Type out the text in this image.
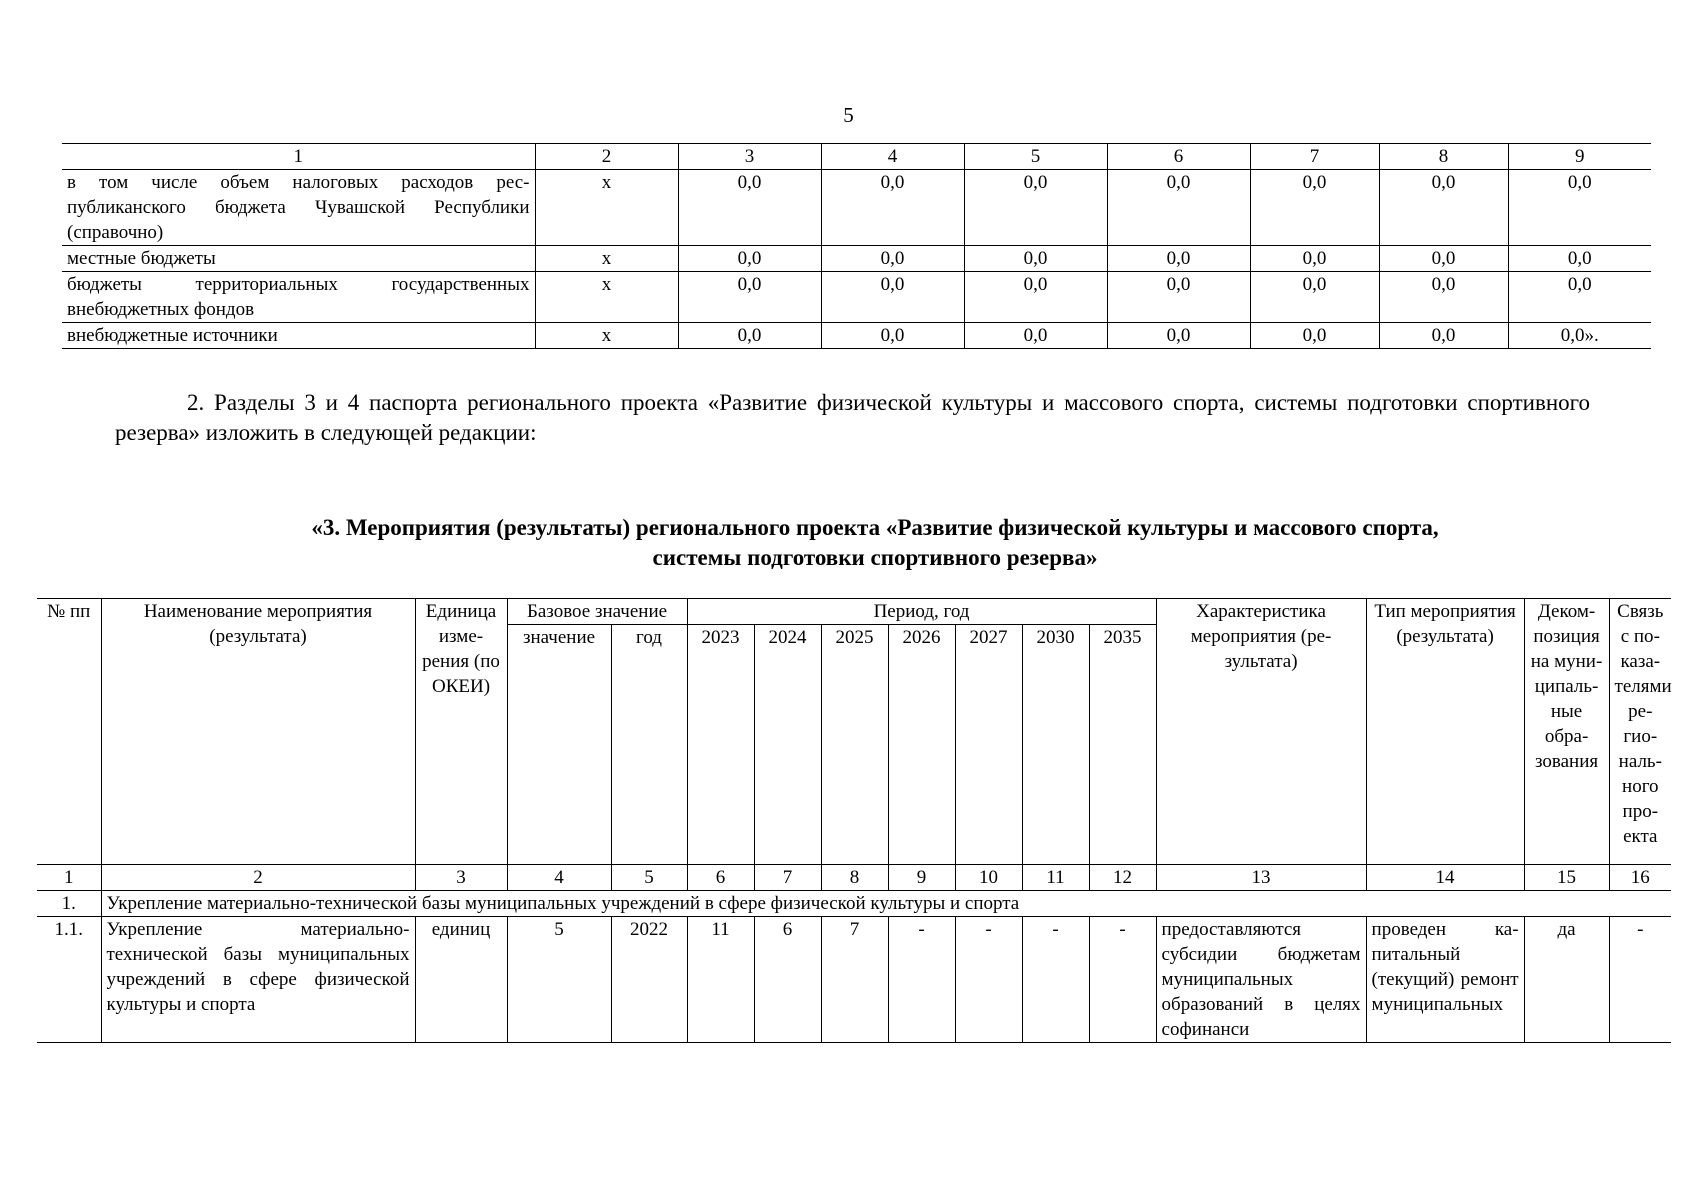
5
1	2	3	4	5	6	7	8	9
в том числе объем налоговых расходов республиканского бюджета Чувашской Республики (справочно)	х	0,0	0,0	0,0	0,0	0,0	0,0	0,0
местные бюджеты	х	0,0	0,0	0,0	0,0	0,0	0,0	0,0
бюджеты территориальных государственных внебюджетных фондов	х	0,0	0,0	0,0	0,0	0,0	0,0	0,0
внебюджетные источники	х	0,0	0,0	0,0	0,0	0,0	0,0	0,0».
2. Разделы 3 и 4 паспорта регионального проекта «Развитие физической культуры и массового спорта, системы подготовки спортивного резерва» изложить в следующей редакции:
«3. Мероприятия (результаты) регионального проекта «Развитие физической культуры и массового спорта,
системы подготовки спортивного резерва»
№ пп	Наименование мероприятия (результата)	Единица измерения (по ОКЕИ)	Базовое значение		Период, год							Характеристика мероприятия (результата)	Тип мероприятия (результата)	Декомпозиция на муниципальные образования	Связь с показателями регионального проекта
			значение	год	2023	2024	2025	2026	2027	2030	2035				
1	2	3	4	5	6	7	8	9	10	11	12	13	14	15	16
1.	Укрепление материально-технической базы муниципальных учреждений в сфере физической культуры и спорта														
1.1.	Укрепление материально-технической базы муниципальных учреждений в сфере физической культуры и спорта	единиц	5	2022	11	6	7	-	-	-	-	предоставляются субсидии бюджетам муниципальных образований в целях софинанси	проведен капитальный (текущий) ремонт муниципальных	да	-
